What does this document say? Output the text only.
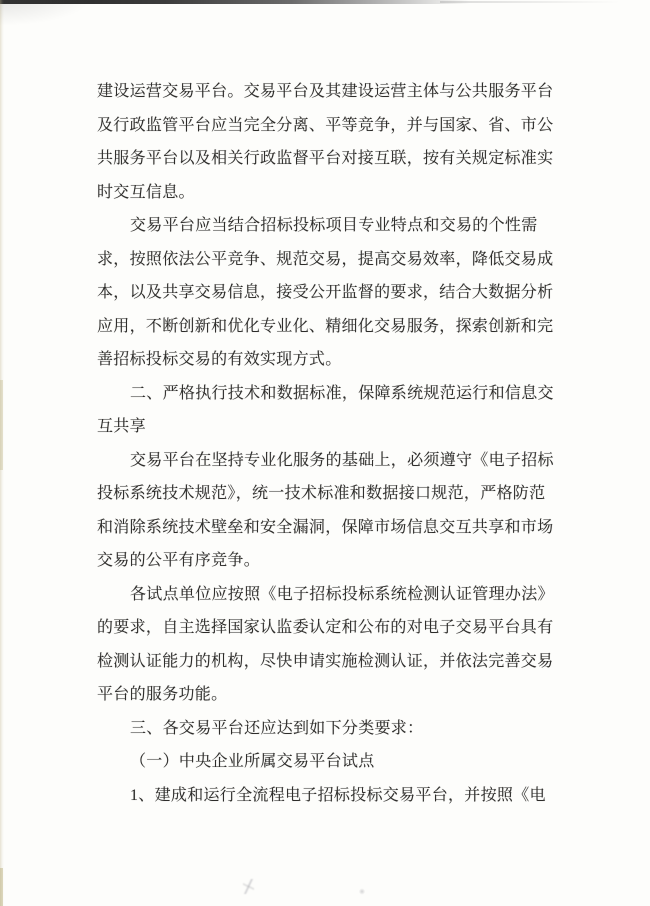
建设运营交易平台。交易平台及其建设运营主体与公共服务平台
及行政监管平台应当完全分离、平等竞争，并与国家、省、市公
共服务平台以及相关行政监督平台对接互联，按有关规定标准实
时交互信息。
交易平台应当结合招标投标项目专业特点和交易的个性需
求，按照依法公平竞争、规范交易，提高交易效率，降低交易成
本，以及共享交易信息，接受公开监督的要求，结合大数据分析
应用，不断创新和优化专业化、精细化交易服务，探索创新和完
善招标投标交易的有效实现方式。
二、严格执行技术和数据标准，保障系统规范运行和信息交
互共享
交易平台在坚持专业化服务的基础上，必须遵守《电子招标
投标系统技术规范》，统一技术标准和数据接口规范，严格防范
和消除系统技术壁垒和安全漏洞，保障市场信息交互共享和市场
交易的公平有序竞争。
各试点单位应按照《电子招标投标系统检测认证管理办法》
的要求，自主选择国家认监委认定和公布的对电子交易平台具有
检测认证能力的机构，尽快申请实施检测认证，并依法完善交易
平台的服务功能。
三、各交易平台还应达到如下分类要求：
（一）中央企业所属交易平台试点
1、建成和运行全流程电子招标投标交易平台，并按照《电
